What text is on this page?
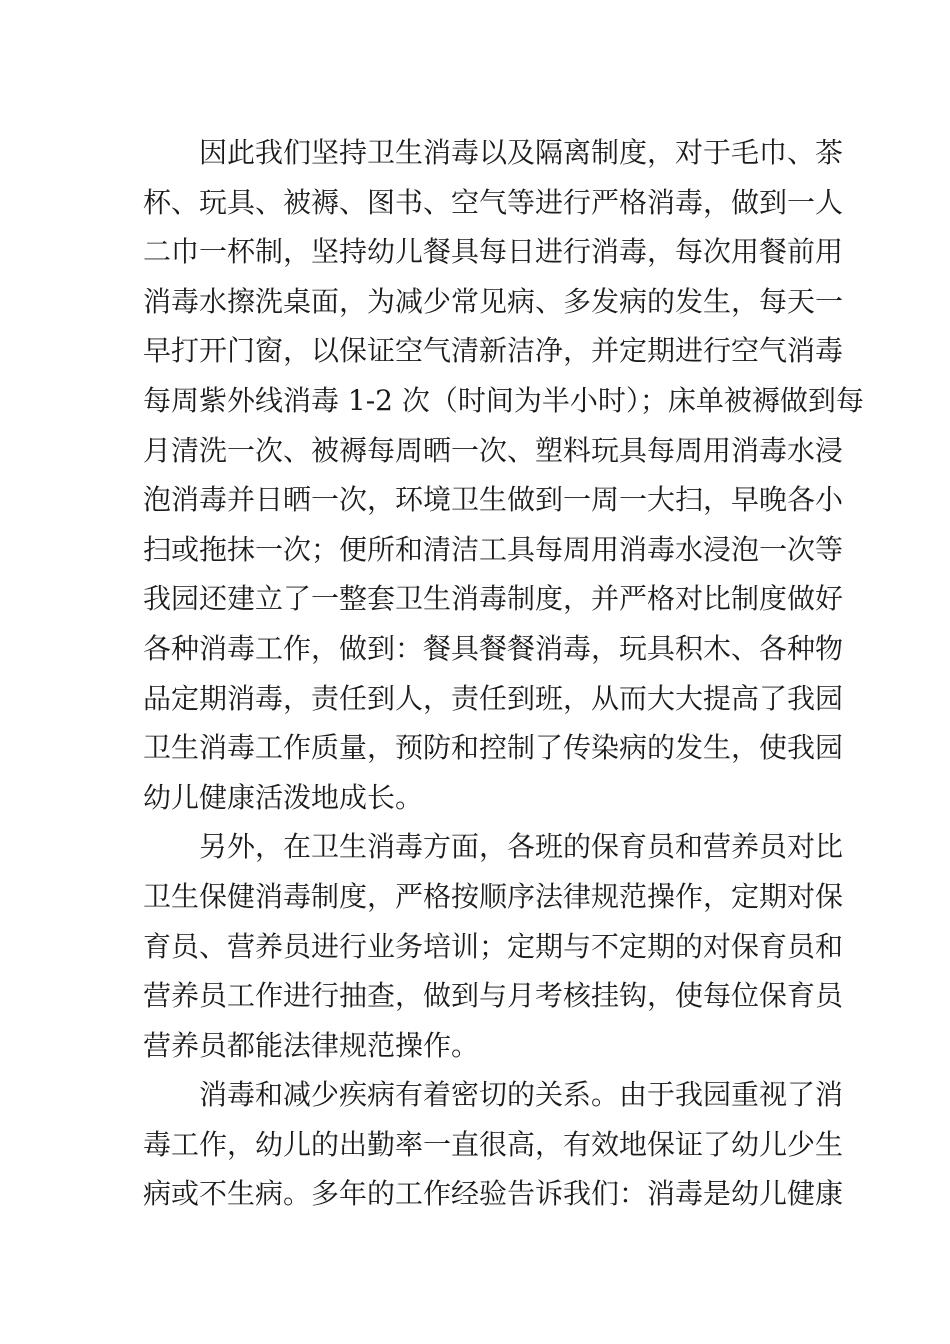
因此我们坚持卫生消毒以及隔离制度，对于毛巾、茶
杯、玩具、被褥、图书、空气等进行严格消毒，做到一人
二巾一杯制，坚持幼儿餐具每日进行消毒，每次用餐前用
消毒水擦洗桌面，为减少常见病、多发病的发生，每天一
早打开门窗，以保证空气清新洁净，并定期进行空气消毒
每周紫外线消毒 1-2 次（时间为半小时）；床单被褥做到每
月清洗一次、被褥每周晒一次、塑料玩具每周用消毒水浸
泡消毒并日晒一次，环境卫生做到一周一大扫，早晚各小
扫或拖抹一次；便所和清洁工具每周用消毒水浸泡一次等
我园还建立了一整套卫生消毒制度，并严格对比制度做好
各种消毒工作，做到：餐具餐餐消毒，玩具积木、各种物
品定期消毒，责任到人，责任到班，从而大大提高了我园
卫生消毒工作质量，预防和控制了传染病的发生，使我园
幼儿健康活泼地成长。
另外，在卫生消毒方面，各班的保育员和营养员对比
卫生保健消毒制度，严格按顺序法律规范操作，定期对保
育员、营养员进行业务培训；定期与不定期的对保育员和
营养员工作进行抽查，做到与月考核挂钩，使每位保育员
营养员都能法律规范操作。
消毒和减少疾病有着密切的关系。由于我园重视了消
毒工作，幼儿的出勤率一直很高，有效地保证了幼儿少生
病或不生病。多年的工作经验告诉我们：消毒是幼儿健康
